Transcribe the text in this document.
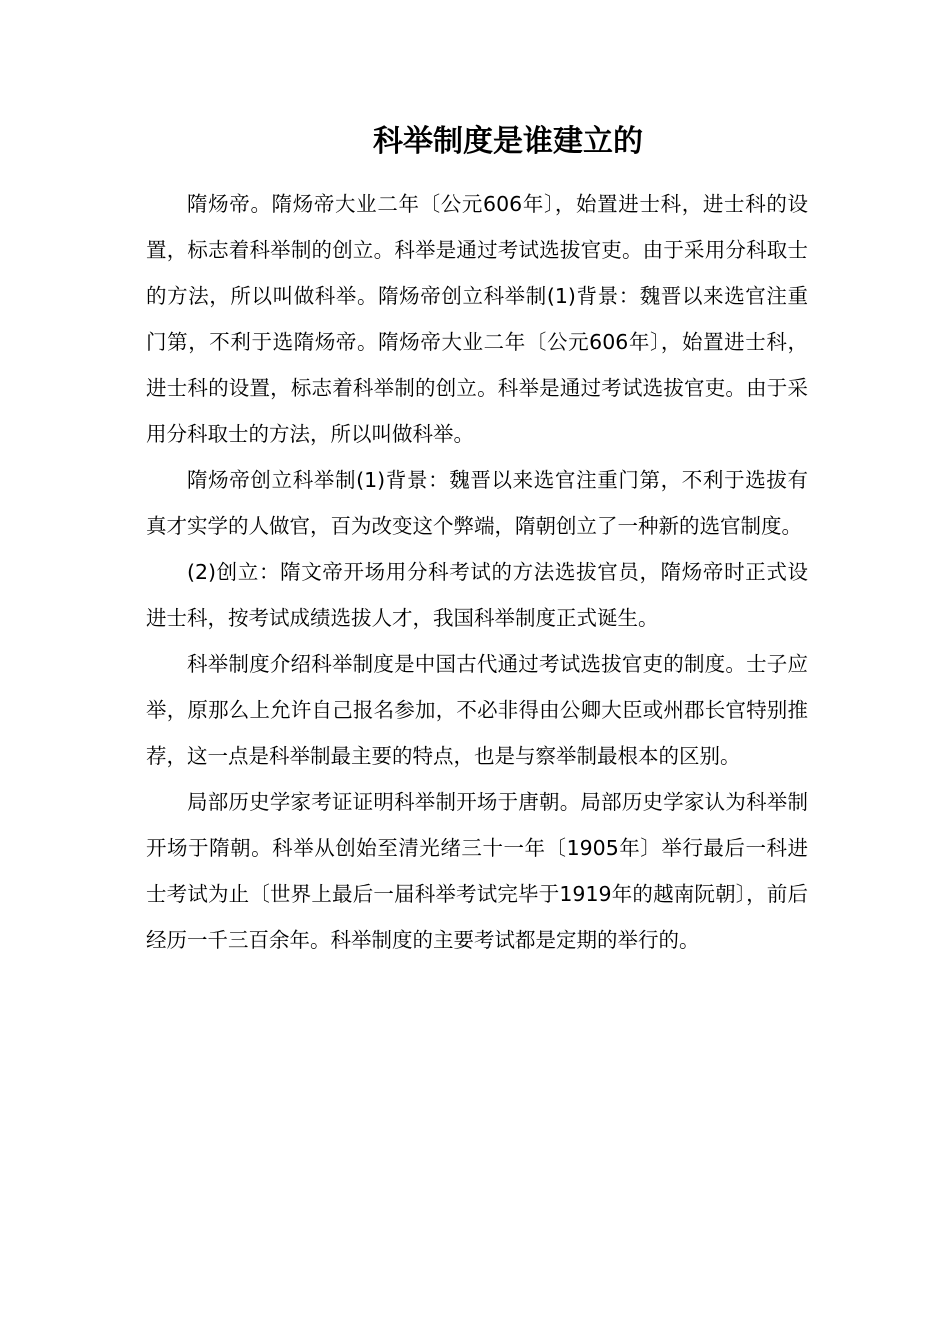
科举制度是谁建立的

隋炀帝。隋炀帝大业二年〔公元606年〕，始置进士科，进士科的设置，标志着科举制的创立。科举是通过考试选拔官吏。由于采用分科取士的方法，所以叫做科举。隋炀帝创立科举制(1)背景：魏晋以来选官注重门第，不利于选隋炀帝。隋炀帝大业二年〔公元606年〕，始置进士科，进士科的设置，标志着科举制的创立。科举是通过考试选拔官吏。由于采用分科取士的方法，所以叫做科举。

隋炀帝创立科举制(1)背景：魏晋以来选官注重门第，不利于选拔有真才实学的人做官，百为改变这个弊端，隋朝创立了一种新的选官制度。

(2)创立：隋文帝开场用分科考试的方法选拔官员，隋炀帝时正式设进士科，按考试成绩选拔人才，我国科举制度正式诞生。

科举制度介绍科举制度是中国古代通过考试选拔官吏的制度。士子应举，原那么上允许自己报名参加，不必非得由公卿大臣或州郡长官特别推荐，这一点是科举制最主要的特点，也是与察举制最根本的区别。

局部历史学家考证证明科举制开场于唐朝。局部历史学家认为科举制开场于隋朝。科举从创始至清光绪三十一年〔1905年〕举行最后一科进士考试为止〔世界上最后一届科举考试完毕于1919年的越南阮朝〕，前后经历一千三百余年。科举制度的主要考试都是定期的举行的。
